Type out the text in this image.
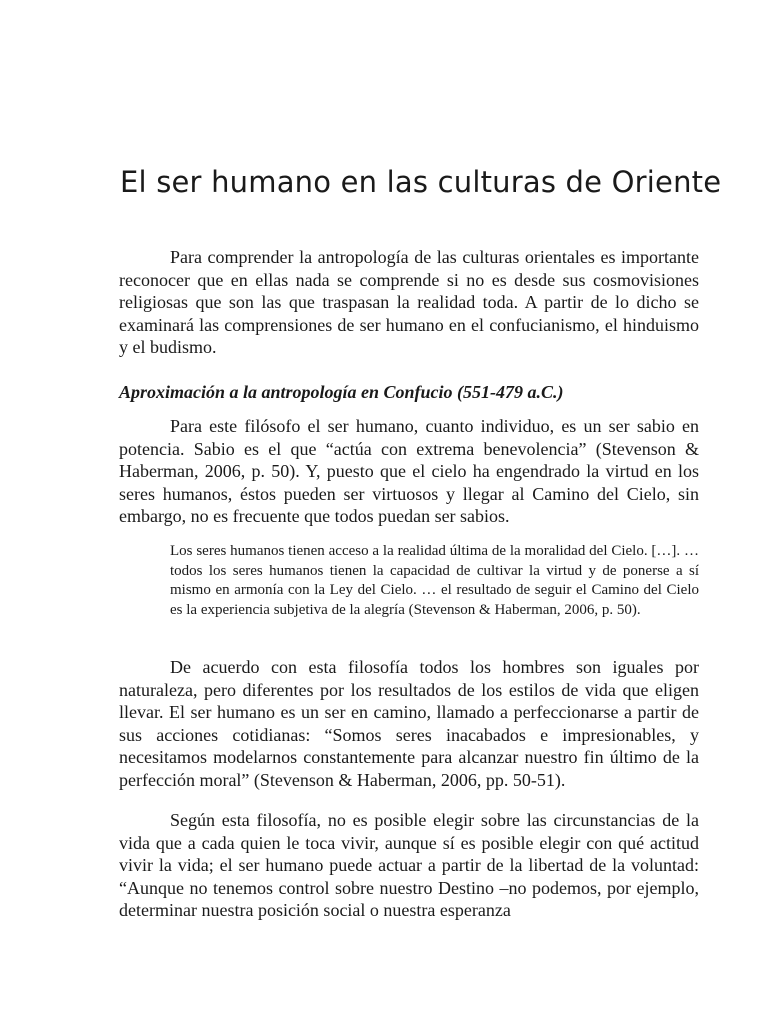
El ser humano en las culturas de Oriente

Para comprender la antropología de las culturas orientales es importante reconocer que en ellas nada se comprende si no es desde sus cosmovisiones religiosas que son las que traspasan la realidad toda. A partir de lo dicho se examinará las comprensiones de ser humano en el confucianismo, el hinduismo y el budismo.

Aproximación a la antropología en Confucio (551-479 a.C.)

Para este filósofo el ser humano, cuanto individuo, es un ser sabio en potencia. Sabio es el que “actúa con extrema benevolencia” (Stevenson & Haberman, 2006, p. 50). Y, puesto que el cielo ha engendrado la virtud en los seres humanos, éstos pueden ser virtuosos y llegar al Camino del Cielo, sin embargo, no es frecuente que todos puedan ser sabios.

Los seres humanos tienen acceso a la realidad última de la moralidad del Cielo. […]. …todos los seres humanos tienen la capacidad de cultivar la virtud y de ponerse a sí mismo en armonía con la Ley del Cielo. … el resultado de seguir el Camino del Cielo es la experiencia subjetiva de la alegría (Stevenson & Haberman, 2006, p. 50).

De acuerdo con esta filosofía todos los hombres son iguales por naturaleza, pero diferentes por los resultados de los estilos de vida que eligen llevar. El ser humano es un ser en camino, llamado a perfeccionarse a partir de sus acciones cotidianas: “Somos seres inacabados e impresionables, y necesitamos modelarnos constantemente para alcanzar nuestro fin último de la perfección moral” (Stevenson & Haberman, 2006, pp. 50-51).

Según esta filosofía, no es posible elegir sobre las circunstancias de la vida que a cada quien le toca vivir, aunque sí es posible elegir con qué actitud vivir la vida; el ser humano puede actuar a partir de la libertad de la voluntad: “Aunque no tenemos control sobre nuestro Destino –no podemos, por ejemplo, determinar nuestra posición social o nuestra esperanza
